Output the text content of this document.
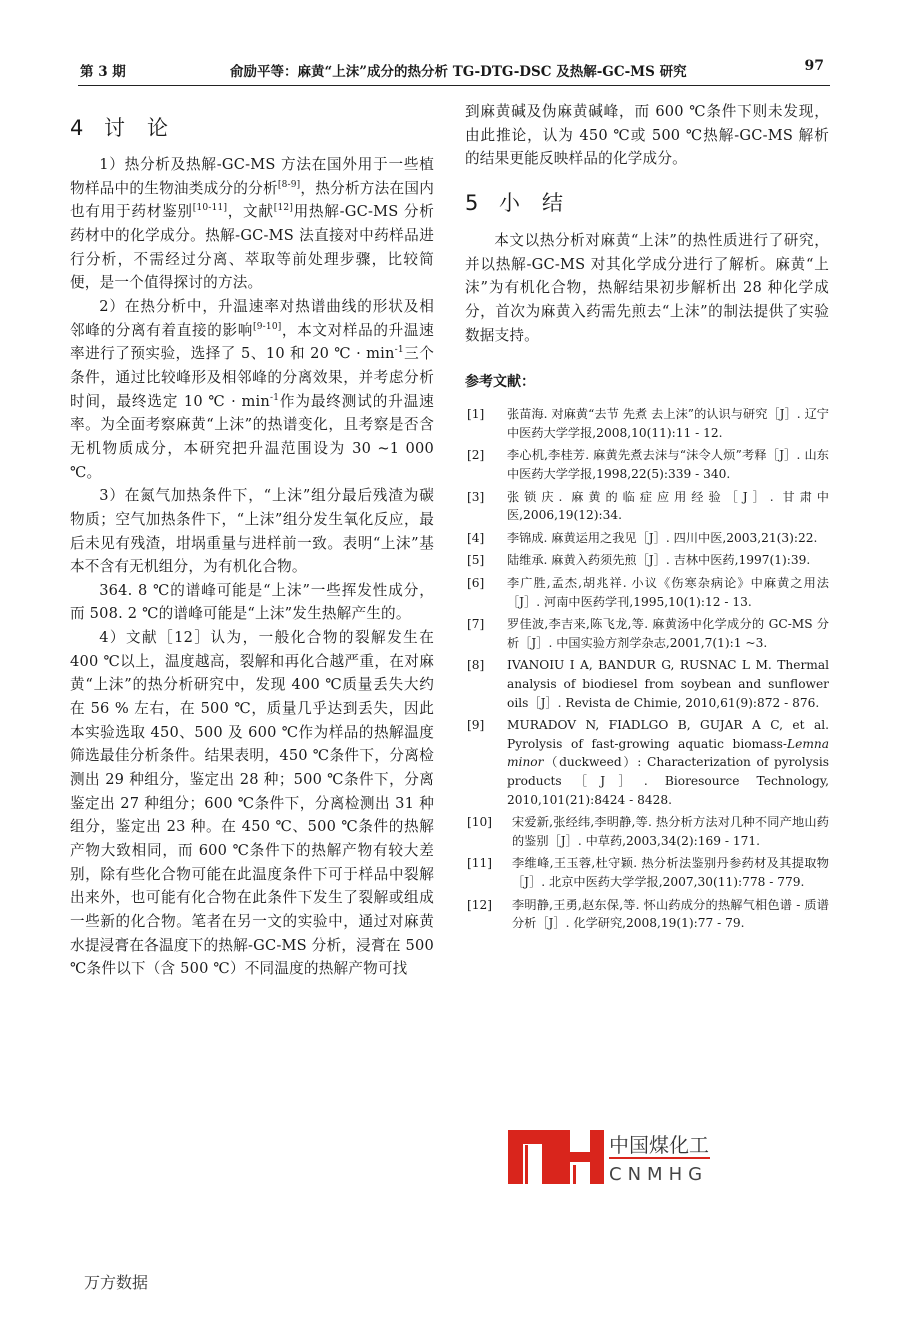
第 3 期	俞励平等：麻黄“上沫”成分的热分析 TG-DTG-DSC 及热解-GC-MS 研究	97
4 讨 论

1）热分析及热解-GC-MS 方法在国外用于一些植物样品中的生物油类成分的分析[8-9]，热分析方法在国内也有用于药材鉴别[10-11]，文献[12]用热解-GC-MS 分析药材中的化学成分。热解-GC-MS 法直接对中药样品进行分析，不需经过分离、萃取等前处理步骤，比较简便，是一个值得探讨的方法。

2）在热分析中，升温速率对热谱曲线的形状及相邻峰的分离有着直接的影响[9-10]，本文对样品的升温速率进行了预实验，选择了 5、10 和 20 ℃ · $\min^{-1}$三个条件，通过比较峰形及相邻峰的分离效果，并考虑分析时间，最终选定 10 ℃ · $\min^{-1}$作为最终测试的升温速率。为全面考察麻黄“上沫”的热谱变化，且考察是否含无机物质成分，本研究把升温范围设为 30 ~1 000 ℃。

3）在氮气加热条件下，“上沫”组分最后残渣为碳物质；空气加热条件下，“上沫”组分发生氧化反应，最后未见有残渣，坩埚重量与进样前一致。表明“上沫”基本不含有无机组分，为有机化合物。

364. 8 ℃的谱峰可能是“上沫”一些挥发性成分，而 508. 2 ℃的谱峰可能是“上沫”发生热解产生的。

4）文献［12］认为，一般化合物的裂解发生在 400 ℃以上，温度越高，裂解和再化合越严重，在对麻黄“上沫”的热分析研究中，发现 400 ℃质量丢失大约在 56 % 左右，在 500 ℃，质量几乎达到丢失，因此本实验选取 450、500 及 600 ℃作为样品的热解温度筛选最佳分析条件。结果表明，450 ℃条件下，分离检测出 29 种组分，鉴定出 28 种；500 ℃条件下，分离鉴定出 27 种组分；600 ℃条件下，分离检测出 31 种组分，鉴定出 23 种。在 450 ℃、500 ℃条件的热解产物大致相同，而 600 ℃条件下的热解产物有较大差别，除有些化合物可能在此温度条件下可于样品中裂解出来外，也可能有化合物在此条件下发生了裂解或组成一些新的化合物。笔者在另一文的实验中，通过对麻黄水提浸膏在各温度下的热解-GC-MS 分析，浸膏在 500 ℃条件以下（含 500 ℃）不同温度的热解产物可找

到麻黄碱及伪麻黄碱峰，而 600 ℃条件下则未发现，由此推论，认为 450 ℃或 500 ℃热解-GC-MS 解析的结果更能反映样品的化学成分。

5 小 结

本文以热分析对麻黄“上沫”的热性质进行了研究，并以热解-GC-MS 对其化学成分进行了解析。麻黄“上沫”为有机化合物，热解结果初步解析出 28 种化学成分，首次为麻黄入药需先煎去“上沫”的制法提供了实验数据支持。

参考文献：
[1] 张苗海. 对麻黄“去节 先煮 去上沫”的认识与研究［J］. 辽宁中医药大学学报,2008,10(11):11 - 12.
[2] 李心机,李桂芳. 麻黄先煮去沫与“沫令人烦”考释［J］. 山东中医药大学学报,1998,22(5):339 - 340.
[3] 张锁庆. 麻黄的临症应用经验［J］. 甘肃中医,2006,19(12):34.
[4] 李锦成. 麻黄运用之我见［J］. 四川中医,2003,21(3):22.
[5] 陆维承. 麻黄入药须先煎［J］. 吉林中医药,1997(1):39.
[6] 李广胜,孟杰,胡兆祥. 小议《伤寒杂病论》中麻黄之用法［J］. 河南中医药学刊,1995,10(1):12 - 13.
[7] 罗佳波,李吉来,陈飞龙,等. 麻黄汤中化学成分的 GC-MS 分析［J］. 中国实验方剂学杂志,2001,7(1):1 ~3.
[8] IVANOIU I A, BANDUR G, RUSNAC L M. Thermal analysis of biodiesel from soybean and sunflower oils［J］. Revista de Chimie, 2010,61(9):872 - 876.
[9] MURADOV N, FIADLGO B, GUJAR A C, et al. Pyrolysis of fast-growing aquatic biomass-Lemna minor（duckweed）: Characterization of pyrolysis products［J］. Bioresource Technology, 2010,101(21):8424 - 8428.
[10] 宋爱新,张经纬,李明静,等. 热分析方法对几种不同产地山药的鉴别［J］. 中草药,2003,34(2):169 - 171.
[11] 李维峰,王玉蓉,杜守颖. 热分析法鉴别丹参药材及其提取物［J］. 北京中医药大学学报,2007,30(11):778 - 779.
[12] 李明静,王勇,赵东保,等. 怀山药成分的热解气相色谱 - 质谱分析［J］. 化学研究,2008,19(1):77 - 79.
中国煤化工
CNMHG
万方数据
